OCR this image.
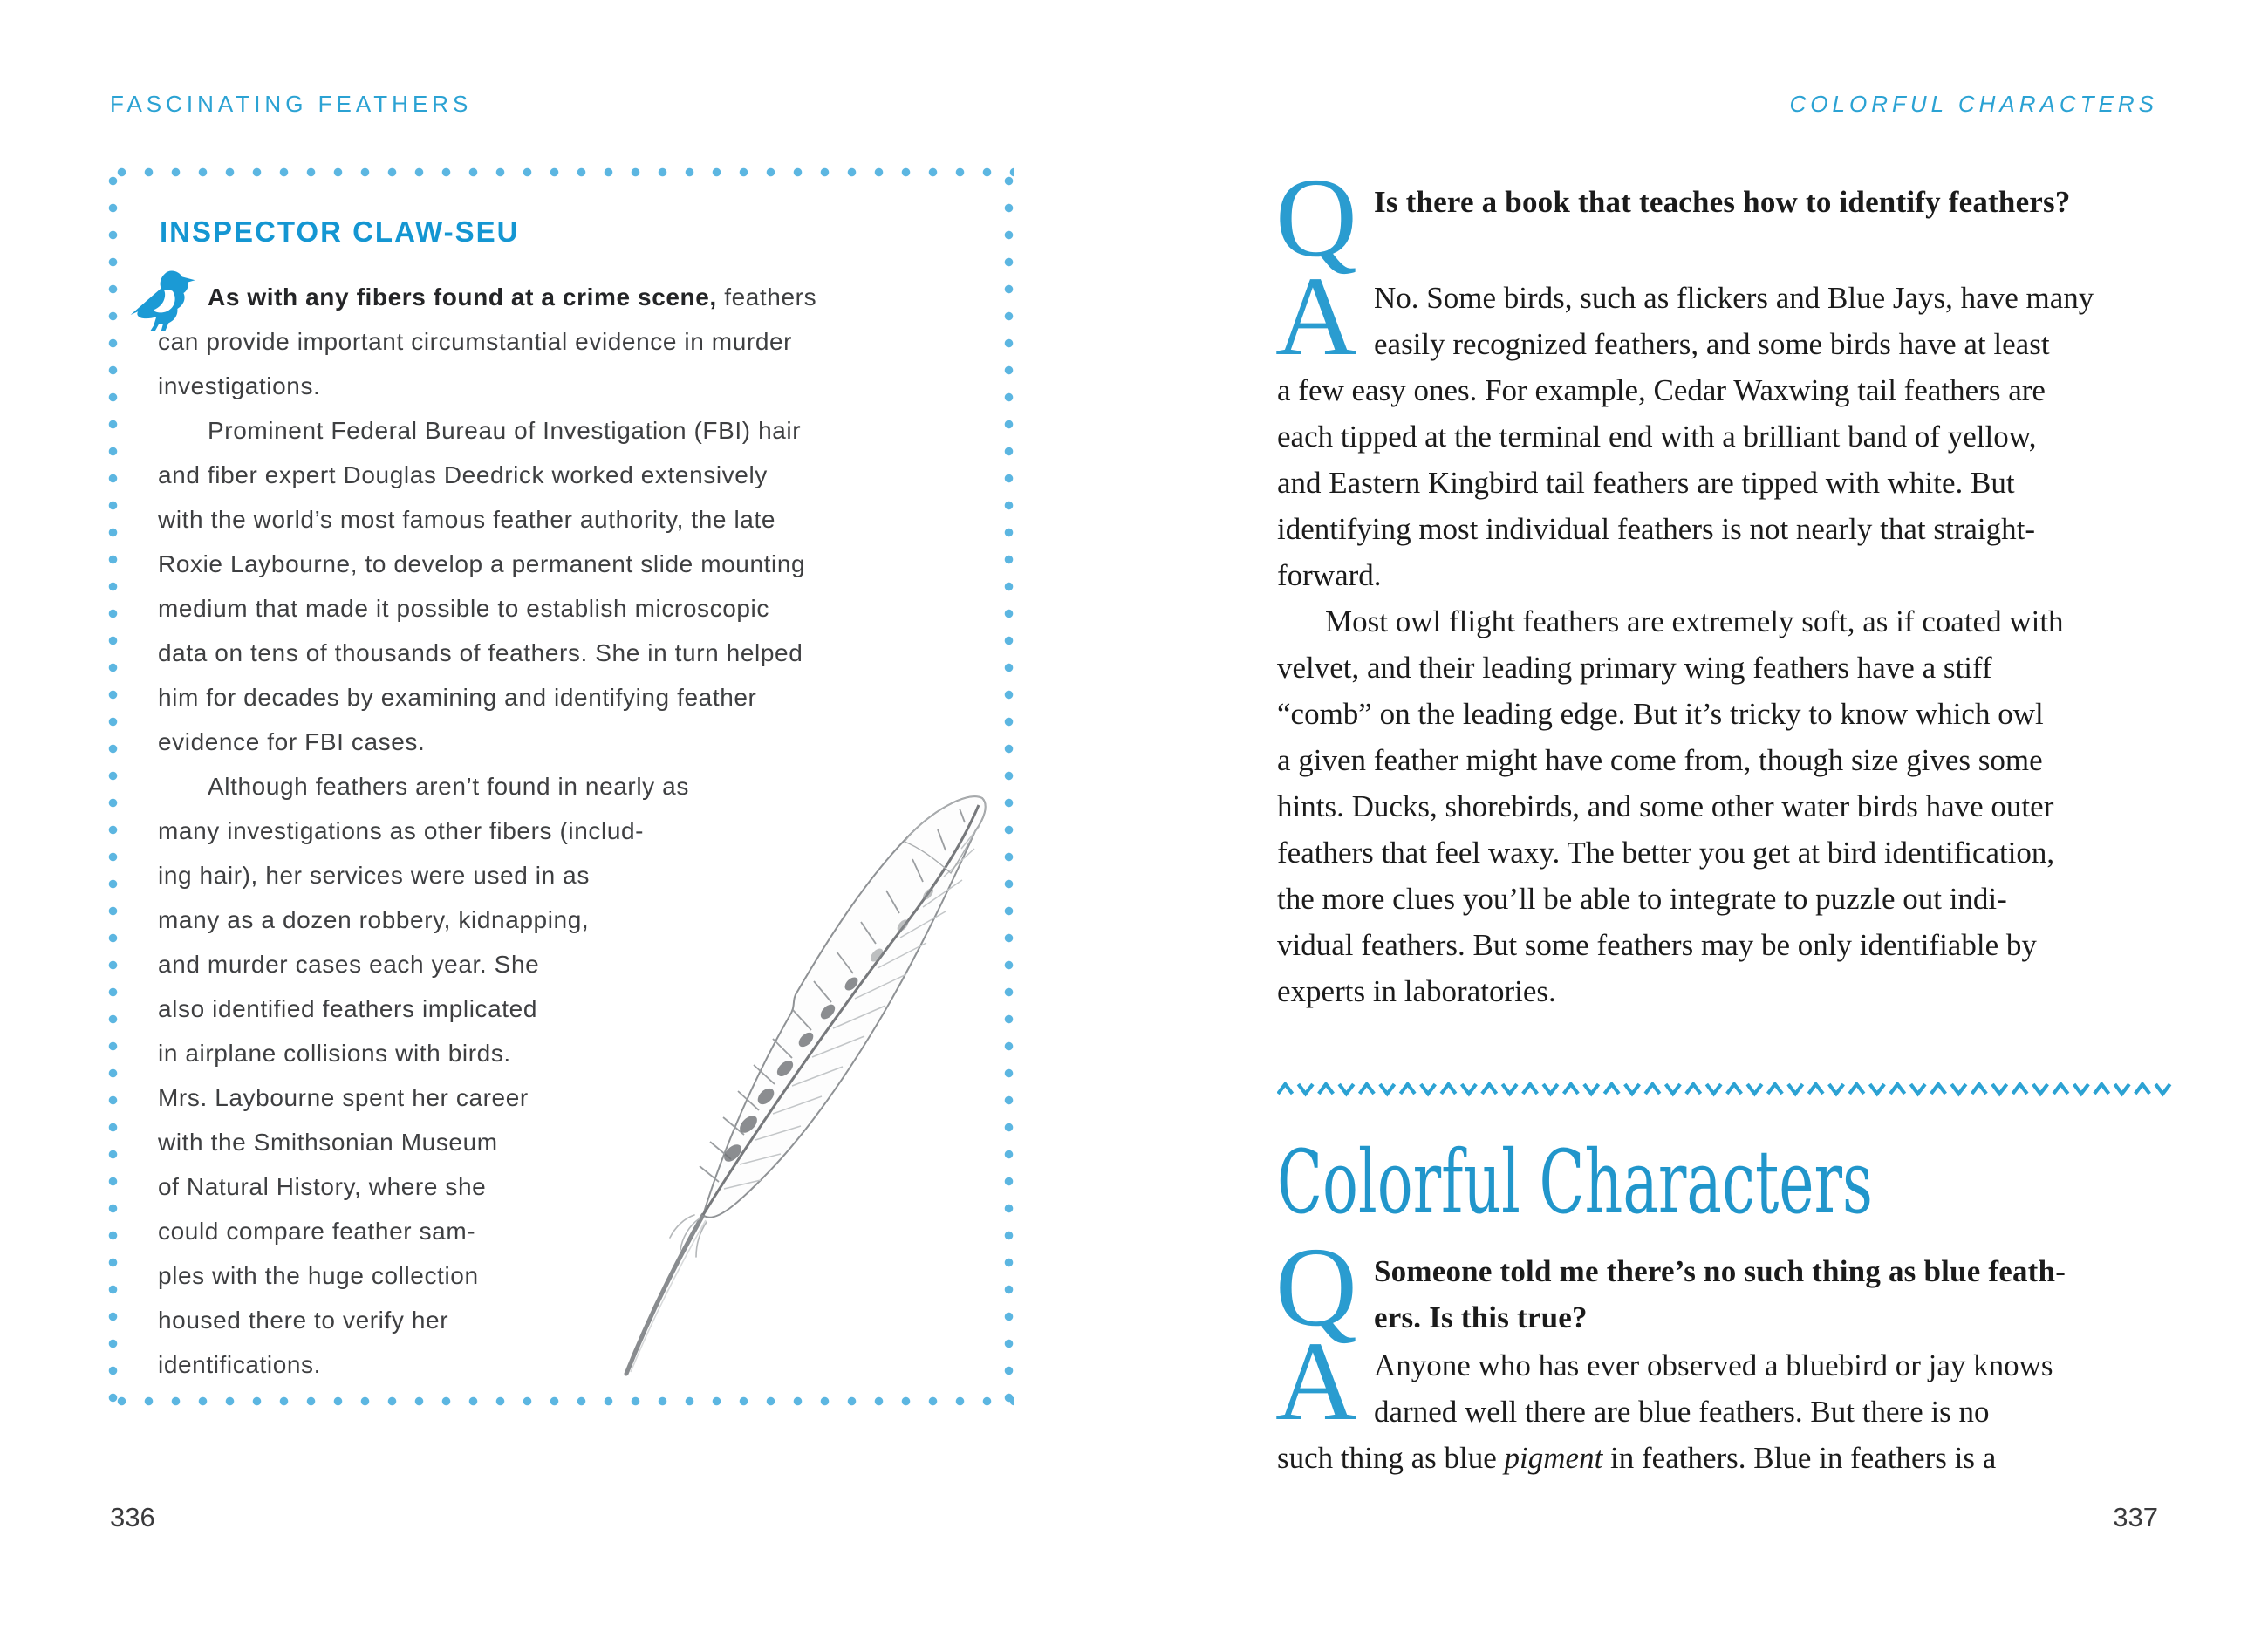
FASCINATING FEATHERS
INSPECTOR CLAW-SEU
As with any fibers found at a crime scene, feathers
can provide important circumstantial evidence in murder
investigations.
Prominent Federal Bureau of Investigation (FBI) hair
and fiber expert Douglas Deedrick worked extensively
with the world’s most famous feather authority, the late
Roxie Laybourne, to develop a permanent slide mounting
medium that made it possible to establish microscopic
data on tens of thousands of feathers. She in turn helped
him for decades by examining and identifying feather
evidence for FBI cases.
Although feathers aren’t found in nearly as
many investigations as other fibers (includ-
ing hair), her services were used in as
many as a dozen robbery, kidnapping,
and murder cases each year. She
also identified feathers implicated
in airplane collisions with birds.
Mrs. Laybourne spent her career
with the Smithsonian Museum
of Natural History, where she
could compare feather sam-
ples with the huge collection
housed there to verify her
identifications.
336
COLORFUL CHARACTERS
Q Is there a book that teaches how to identify feathers?
A No. Some birds, such as flickers and Blue Jays, have many
easily recognized feathers, and some birds have at least
a few easy ones. For example, Cedar Waxwing tail feathers are
each tipped at the terminal end with a brilliant band of yellow,
and Eastern Kingbird tail feathers are tipped with white. But
identifying most individual feathers is not nearly that straight-
forward.
Most owl flight feathers are extremely soft, as if coated with
velvet, and their leading primary wing feathers have a stiff
“comb” on the leading edge. But it’s tricky to know which owl
a given feather might have come from, though size gives some
hints. Ducks, shorebirds, and some other water birds have outer
feathers that feel waxy. The better you get at bird identification,
the more clues you’ll be able to integrate to puzzle out indi-
vidual feathers. But some feathers may be only identifiable by
experts in laboratories.
Colorful Characters
Q Someone told me there’s no such thing as blue feath-
ers. Is this true?
A Anyone who has ever observed a bluebird or jay knows
darned well there are blue feathers. But there is no
such thing as blue pigment in feathers. Blue in feathers is a
337
